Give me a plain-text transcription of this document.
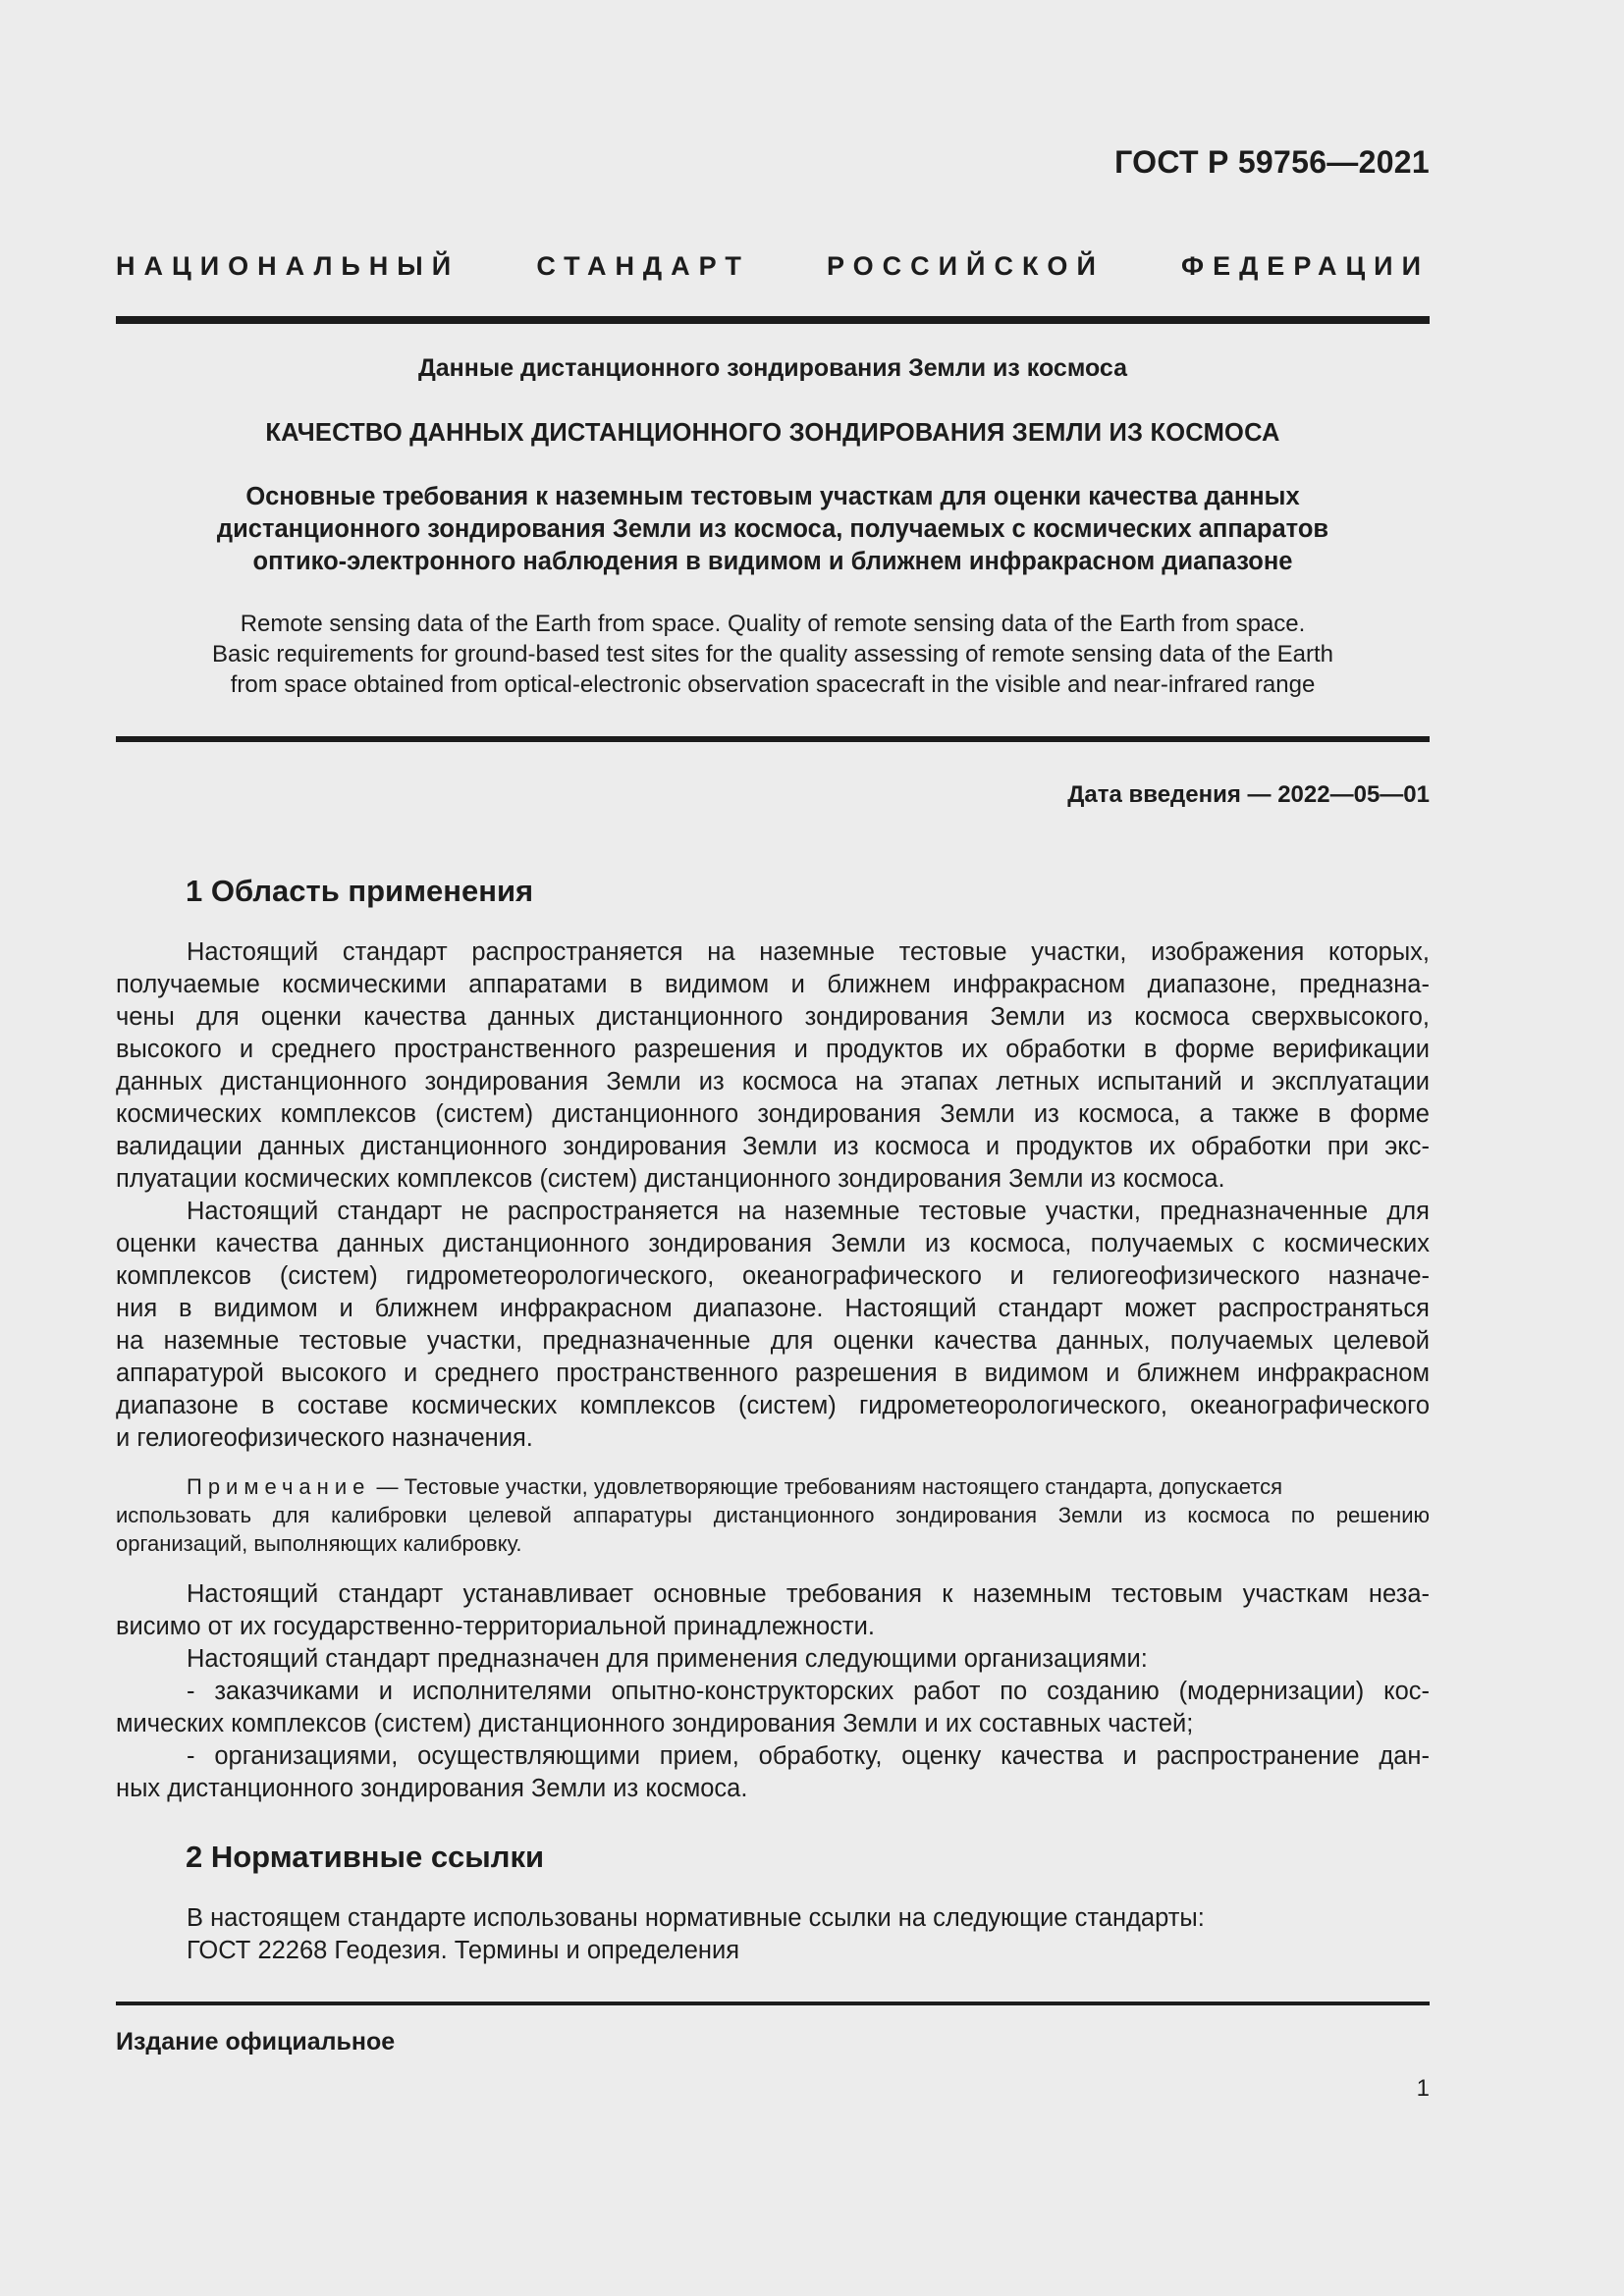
ГОСТ Р 59756—2021
НАЦИОНАЛЬНЫЙ СТАНДАРТ РОССИЙСКОЙ ФЕДЕРАЦИИ
Данные дистанционного зондирования Земли из космоса
КАЧЕСТВО ДАННЫХ ДИСТАНЦИОННОГО ЗОНДИРОВАНИЯ ЗЕМЛИ ИЗ КОСМОСА
Основные требования к наземным тестовым участкам для оценки качества данных
дистанционного зондирования Земли из космоса, получаемых с космических аппаратов
оптико-электронного наблюдения в видимом и ближнем инфракрасном диапазоне
Remote sensing data of the Earth from space. Quality of remote sensing data of the Earth from space.
Basic requirements for ground-based test sites for the quality assessing of remote sensing data of the Earth
from space obtained from optical-electronic observation spacecraft in the visible and near-infrared range
Дата введения — 2022—05—01
1 Область применения
Настоящий стандарт распространяется на наземные тестовые участки, изображения которых,
получаемые космическими аппаратами в видимом и ближнем инфракрасном диапазоне, предназна-
чены для оценки качества данных дистанционного зондирования Земли из космоса сверхвысокого,
высокого и среднего пространственного разрешения и продуктов их обработки в форме верификации
данных дистанционного зондирования Земли из космоса на этапах летных испытаний и эксплуатации
космических комплексов (систем) дистанционного зондирования Земли из космоса, а также в форме
валидации данных дистанционного зондирования Земли из космоса и продуктов их обработки при экс-
плуатации космических комплексов (систем) дистанционного зондирования Земли из космоса.
Настоящий стандарт не распространяется на наземные тестовые участки, предназначенные для
оценки качества данных дистанционного зондирования Земли из космоса, получаемых с космических
комплексов (систем) гидрометеорологического, океанографического и гелиогеофизического назначе-
ния в видимом и ближнем инфракрасном диапазоне. Настоящий стандарт может распространяться
на наземные тестовые участки, предназначенные для оценки качества данных, получаемых целевой
аппаратурой высокого и среднего пространственного разрешения в видимом и ближнем инфракрасном
диапазоне в составе космических комплексов (систем) гидрометеорологического, океанографического
и гелиогеофизического назначения.
Примечание — Тестовые участки, удовлетворяющие требованиям настоящего стандарта, допускается
использовать для калибровки целевой аппаратуры дистанционного зондирования Земли из космоса по решению
организаций, выполняющих калибровку.
Настоящий стандарт устанавливает основные требования к наземным тестовым участкам неза-
висимо от их государственно-территориальной принадлежности.
Настоящий стандарт предназначен для применения следующими организациями:
- заказчиками и исполнителями опытно-конструкторских работ по созданию (модернизации) кос-
мических комплексов (систем) дистанционного зондирования Земли и их составных частей;
- организациями, осуществляющими прием, обработку, оценку качества и распространение дан-
ных дистанционного зондирования Земли из космоса.
2 Нормативные ссылки
В настоящем стандарте использованы нормативные ссылки на следующие стандарты:
ГОСТ 22268 Геодезия. Термины и определения
Издание официальное
1
